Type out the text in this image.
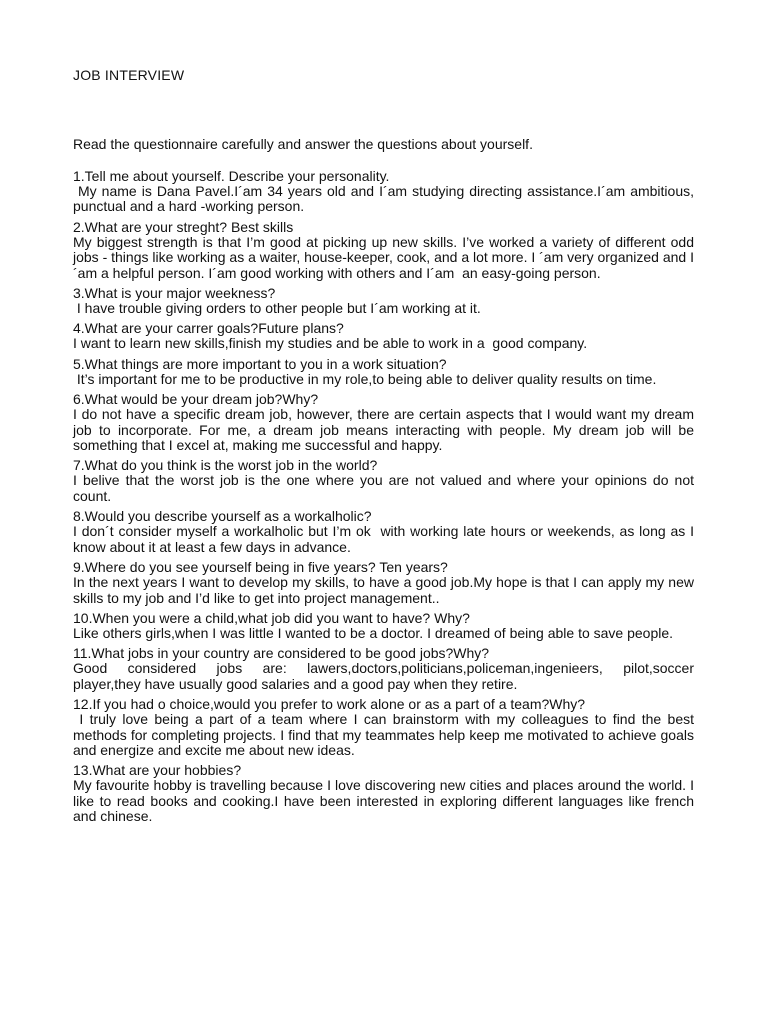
JOB INTERVIEW
Read the questionnaire carefully and answer the questions about yourself.

1.Tell me about yourself. Describe your personality.

My name is Dana Pavel.I´am 34 years old and I´am studying directing assistance.I´am ambitious, punctual and a hard -working person.

2.What are your streght? Best skills

My biggest strength is that I’m good at picking up new skills. I’ve worked a variety of different odd jobs - things like working as a waiter, house-keeper, cook, and a lot more. I ´am very organized and I´am a helpful person. I´am good working with others and I´am  an easy-going person.

3.What is your major weekness?

I have trouble giving orders to other people but I´am working at it.

4.What are your carrer goals?Future plans?

I want to learn new skills,finish my studies and be able to work in a  good company.

5.What things are more important to you in a work situation?

It’s important for me to be productive in my role,to being able to deliver quality results on time.

6.What would be your dream job?Why?

I do not have a specific dream job, however, there are certain aspects that I would want my dream job to incorporate. For me, a dream job means interacting with people. My dream job will be something that I excel at, making me successful and happy.

7.What do you think is the worst job in the world?

I belive that the worst job is the one where you are not valued and where your opinions do not count.

8.Would you describe yourself as a workalholic?

I don´t consider myself a workalholic but I’m ok  with working late hours or weekends, as long as I  know about it at least a few days in advance.

9.Where do you see yourself being in five years? Ten years?

In the next years I want to develop my skills, to have a good job.My hope is that I can apply my new skills to my job and I’d like to get into project management..

10.When you were a child,what job did you want to have? Why?

Like others girls,when I was little I wanted to be a doctor. I dreamed of being able to save people.

11.What jobs in your country are considered to be good jobs?Why?

Good  considered  jobs  are:  lawers,doctors,politicians,policeman,ingenieers,  pilot,soccer player,they have usually good salaries and a good pay when they retire.

12.If you had o choice,would you prefer to work alone or as a part of a team?Why?

I truly love being a part of a team where I can brainstorm with my colleagues to find the best methods for completing projects. I find that my teammates help keep me motivated to achieve goals and energize and excite me about new ideas.

13.What are your hobbies?

My favourite hobby is travelling because I love discovering new cities and places around the world. I like to read books and cooking.I have been interested in exploring different languages like french and chinese.
